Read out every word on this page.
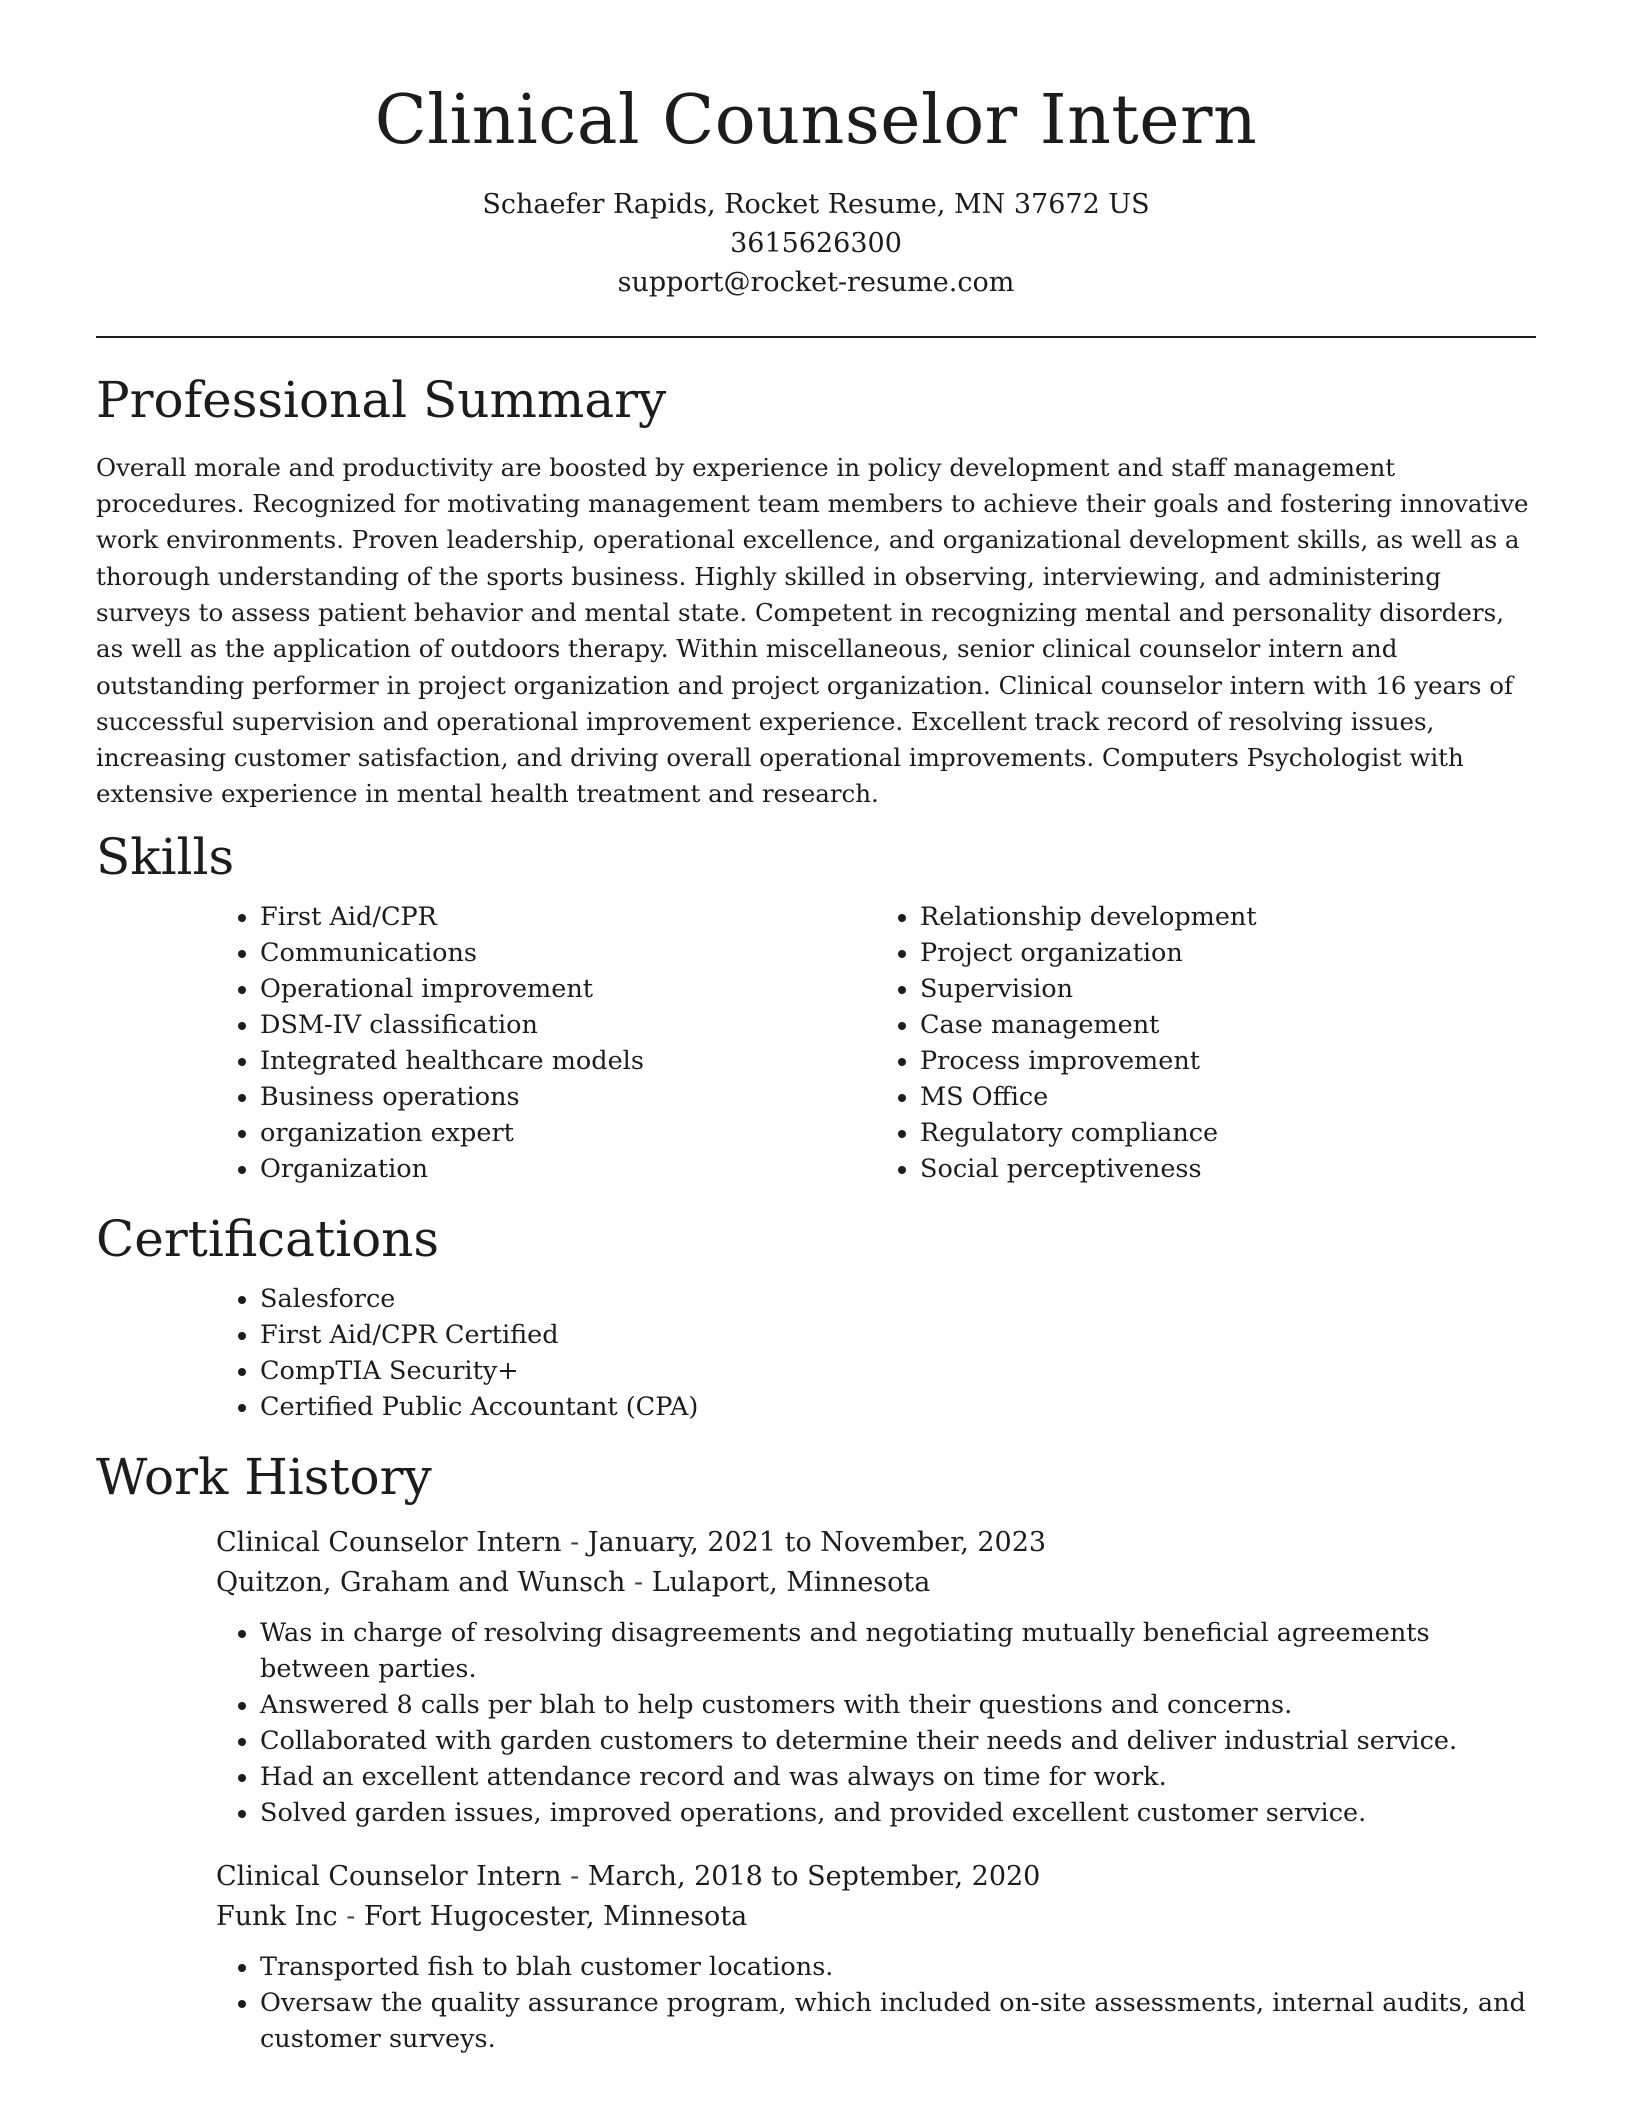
Clinical Counselor Intern
Schaefer Rapids, Rocket Resume, MN 37672 US
3615626300
support@rocket-resume.com
Professional Summary

Overall morale and productivity are boosted by experience in policy development and staff management procedures. Recognized for motivating management team members to achieve their goals and fostering innovative work environments. Proven leadership, operational excellence, and organizational development skills, as well as a thorough understanding of the sports business. Highly skilled in observing, interviewing, and administering surveys to assess patient behavior and mental state. Competent in recognizing mental and personality disorders, as well as the application of outdoors therapy. Within miscellaneous, senior clinical counselor intern and outstanding performer in project organization and project organization. Clinical counselor intern with 16 years of successful supervision and operational improvement experience. Excellent track record of resolving issues, increasing customer satisfaction, and driving overall operational improvements. Computers Psychologist with extensive experience in mental health treatment and research.

Skills
• First Aid/CPR
• Communications
• Operational improvement
• DSM-IV classification
• Integrated healthcare models
• Business operations
• organization expert
• Organization
• Relationship development
• Project organization
• Supervision
• Case management
• Process improvement
• MS Office
• Regulatory compliance
• Social perceptiveness
Certifications
• Salesforce
• First Aid/CPR Certified
• CompTIA Security+
• Certified Public Accountant (CPA)
Work History
Clinical Counselor Intern - January, 2021 to November, 2023
Quitzon, Graham and Wunsch - Lulaport, Minnesota
• Was in charge of resolving disagreements and negotiating mutually beneficial agreements between parties.
• Answered 8 calls per blah to help customers with their questions and concerns.
• Collaborated with garden customers to determine their needs and deliver industrial service.
• Had an excellent attendance record and was always on time for work.
• Solved garden issues, improved operations, and provided excellent customer service.
Clinical Counselor Intern - March, 2018 to September, 2020
Funk Inc - Fort Hugocester, Minnesota
• Transported fish to blah customer locations.
• Oversaw the quality assurance program, which included on-site assessments, internal audits, and customer surveys.
